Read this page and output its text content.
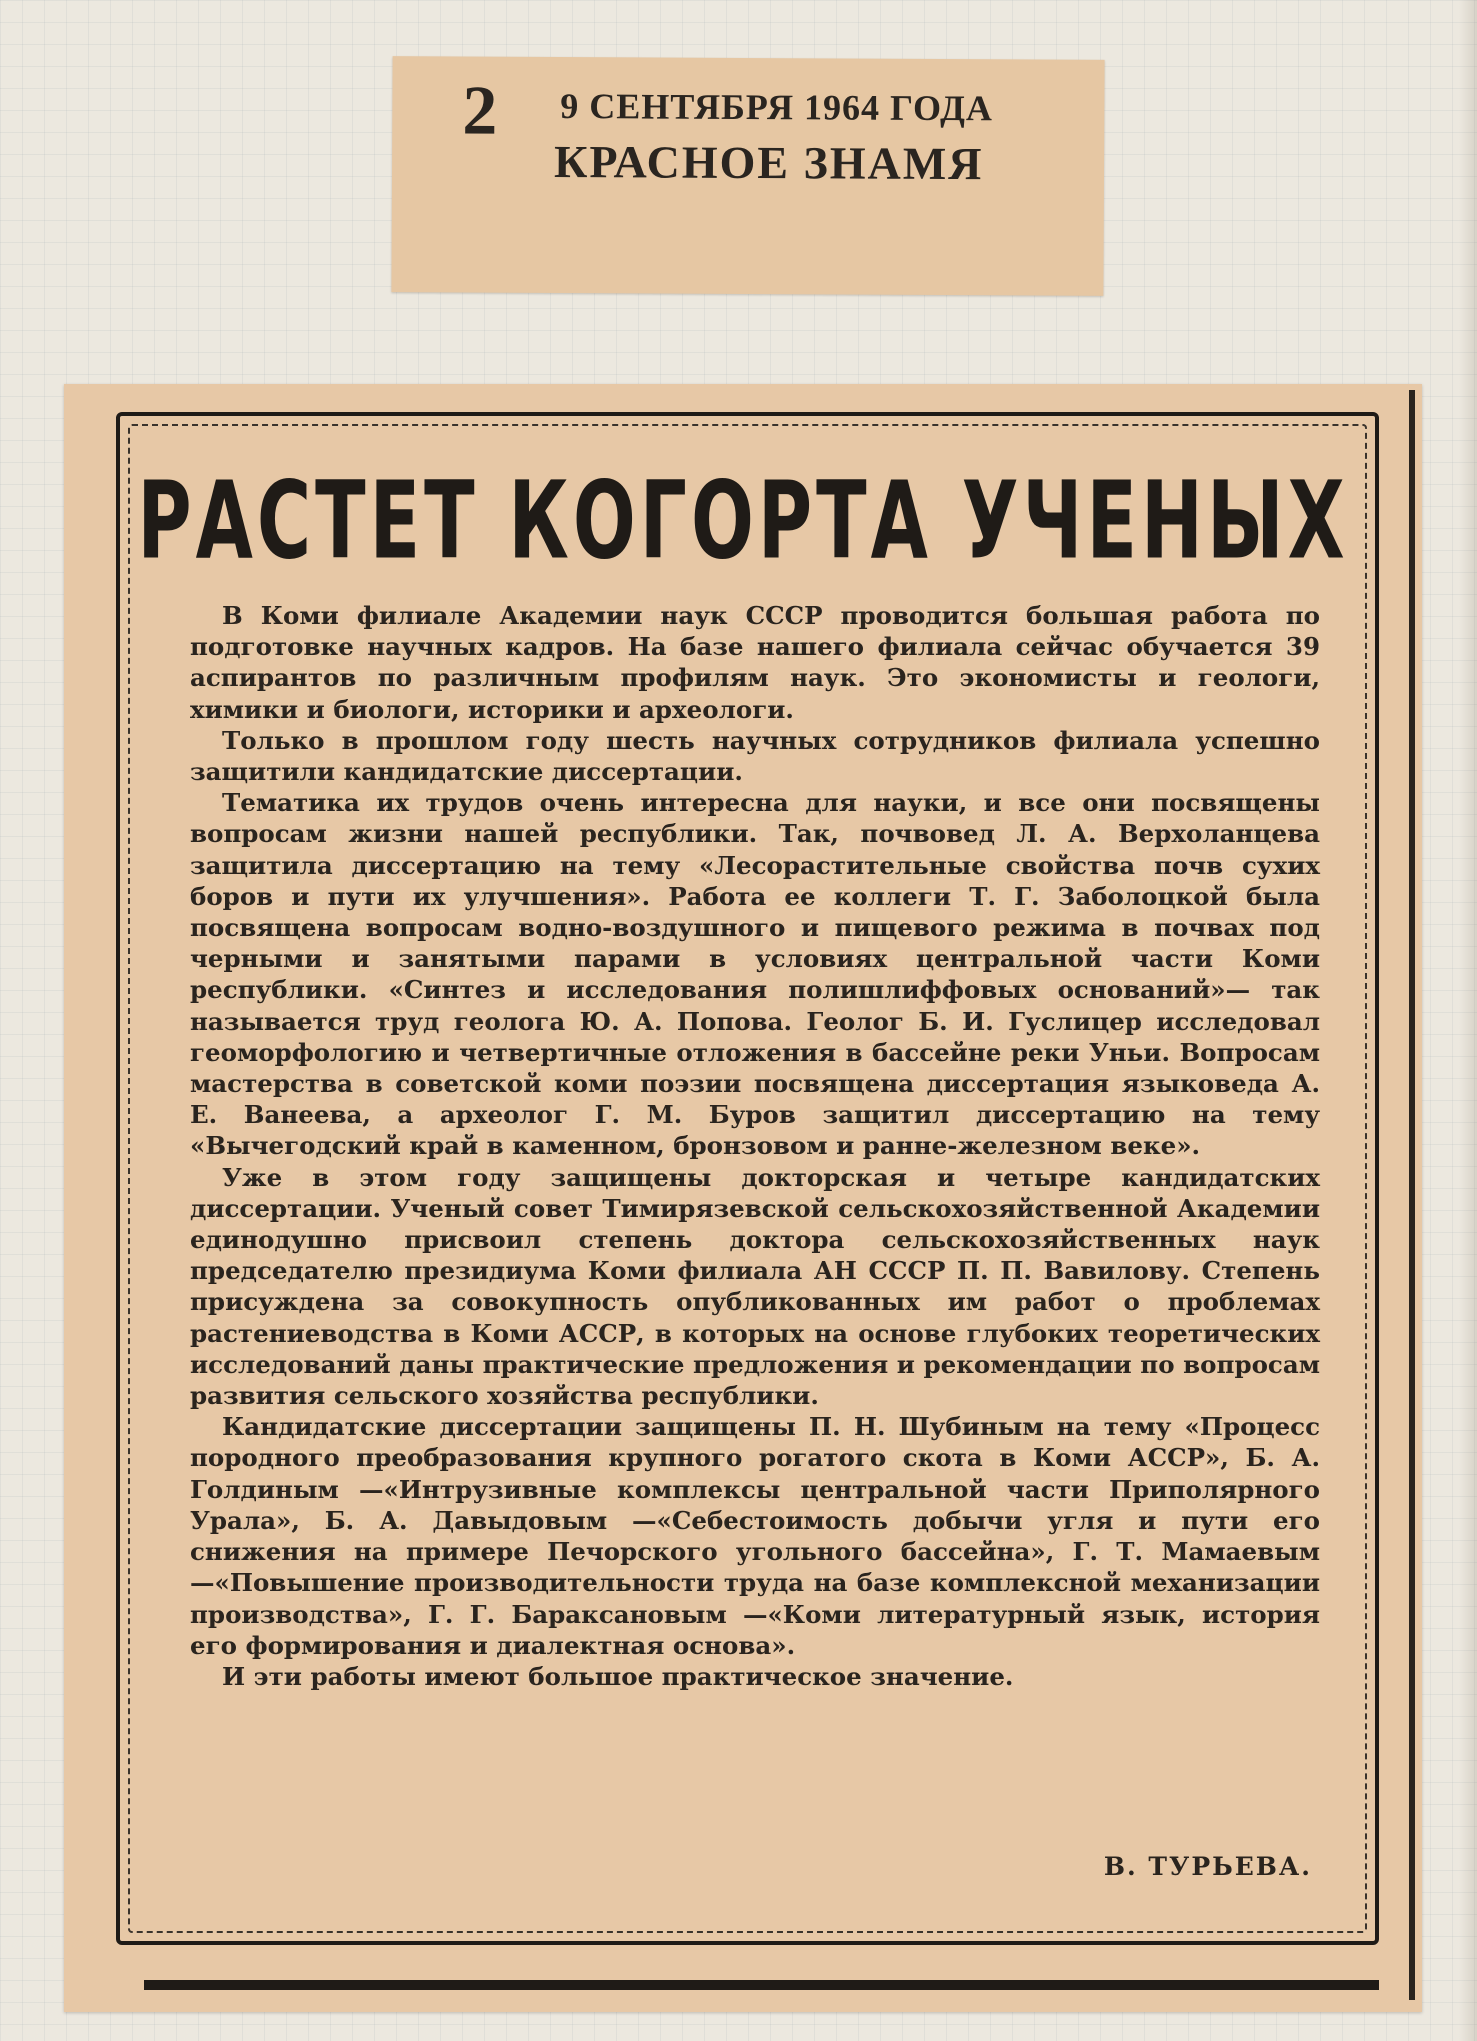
2 9 СЕНТЯБРЯ 1964 ГОДА
КРАСНОЕ ЗНАМЯ
РАСТЕТ КОГОРТА УЧЕНЫХ

В Коми филиале Академии наук СССР проводится большая работа по подготовке научных кадров. На базе нашего филиала сейчас обучается 39 аспирантов по различным профилям наук. Это экономисты и геологи, химики и биологи, историки и археологи.

Только в прошлом году шесть научных сотрудников филиала успешно защитили кандидатские диссертации.

Тематика их трудов очень интересна для науки, и все они посвящены вопросам жизни нашей республики. Так, почвовед Л. А. Верхоланцева защитила диссертацию на тему «Лесорастительные свойства почв сухих боров и пути их улучшения». Работа ее коллеги Т. Г. Заболоцкой была посвящена вопросам водно-воздушного и пищевого режима в почвах под черными и занятыми парами в условиях центральной части Коми республики. «Синтез и исследования полишлиффовых оснований»— так называется труд геолога Ю. А. Попова. Геолог Б. И. Гуслицер исследовал геоморфологию и четвертичные отложения в бассейне реки Уньи. Вопросам мастерства в советской коми поэзии посвящена диссертация языковеда А. Е. Ванеева, а археолог Г. М. Буров защитил диссертацию на тему «Вычегодский край в каменном, бронзовом и ранне-железном веке».

Уже в этом году защищены докторская и четыре кандидатских диссертации. Ученый совет Тимирязевской сельскохозяйственной Академии единодушно присвоил степень доктора сельскохозяйственных наук председателю президиума Коми филиала АН СССР П. П. Вавилову. Степень присуждена за совокупность опубликованных им работ о проблемах растениеводства в Коми АССР, в которых на основе глубоких теоретических исследований даны практические предложения и рекомендации по вопросам развития сельского хозяйства республики.

Кандидатские диссертации защищены П. Н. Шубиным на тему «Процесс породного преобразования крупного рогатого скота в Коми АССР», Б. А. Голдиным —«Интрузивные комплексы центральной части Приполярного Урала», Б. А. Давыдовым —«Себестоимость добычи угля и пути его снижения на примере Печорского угольного бассейна», Г. Т. Мамаевым —«Повышение производительности труда на базе комплексной механизации производства», Г. Г. Бараксановым —«Коми литературный язык, история его формирования и диалектная основа».

И эти работы имеют большое практическое значение.

В. ТУРЬЕВА.
